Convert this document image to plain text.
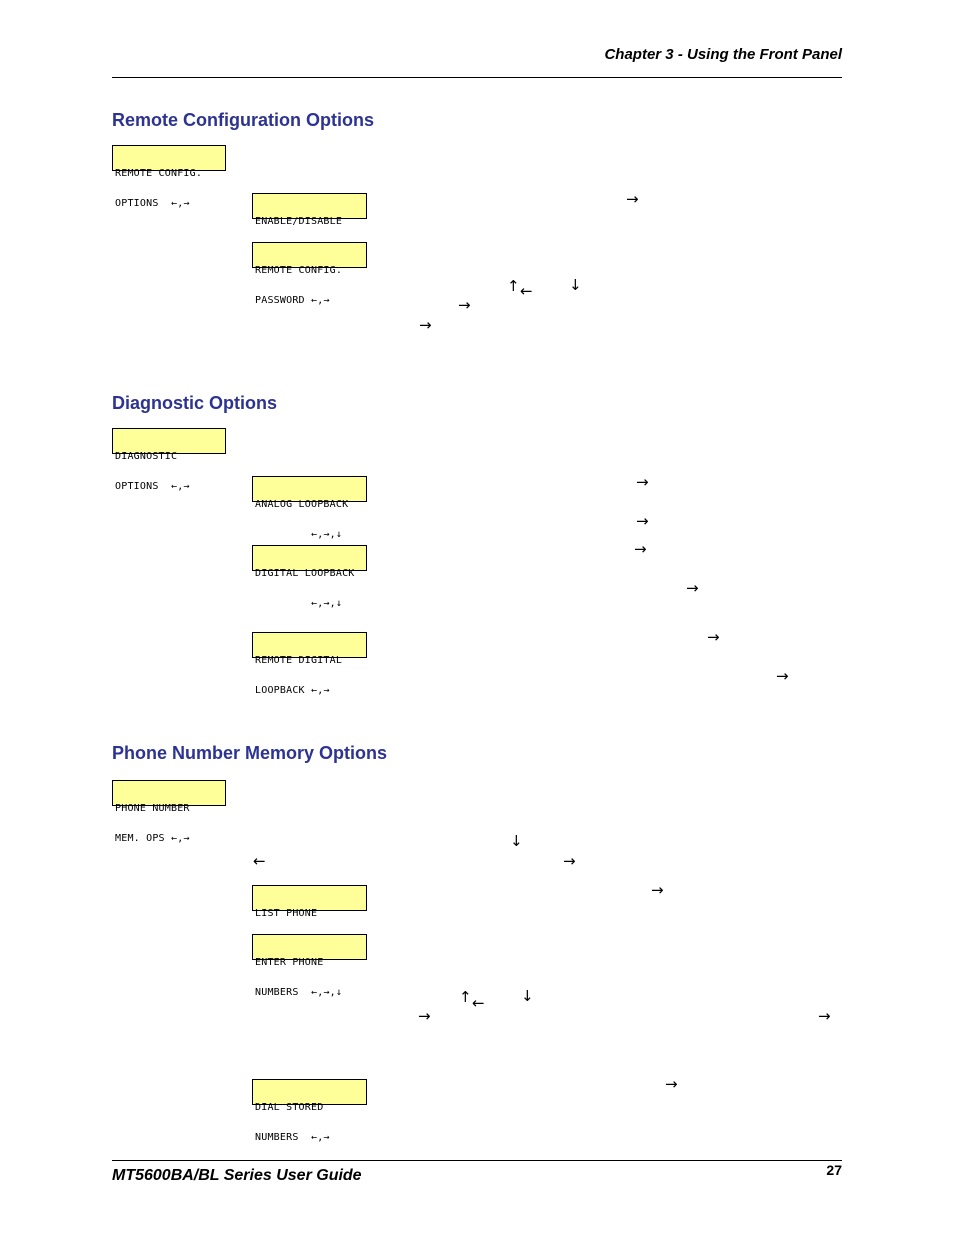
Chapter 3 - Using the Front Panel
Remote Configuration Options

REMOTE CONFIG.

OPTIONS  ←,→

ENABLE/DISABLE

→

REMOTE CONFIG.

PASSWORD ←,→

↑ ← ↓
→
→
Diagnostic Options

DIAGNOSTIC

OPTIONS  ←,→

ANALOG LOOPBACK

←,→,↓

→
→

DIGITAL LOOPBACK

←,→,↓

→
→

REMOTE DIGITAL

LOOPBACK ←,→

→
→
Phone Number Memory Options

PHONE NUMBER

MEM. OPS ←,→	↓
←	→

LIST PHONE

→

ENTER PHONE

NUMBERS  ←,→,↓	↑ ← ↓
→	→

DIAL STORED

NUMBERS  ←,→

→
MT5600BA/BL Series User Guide	27
